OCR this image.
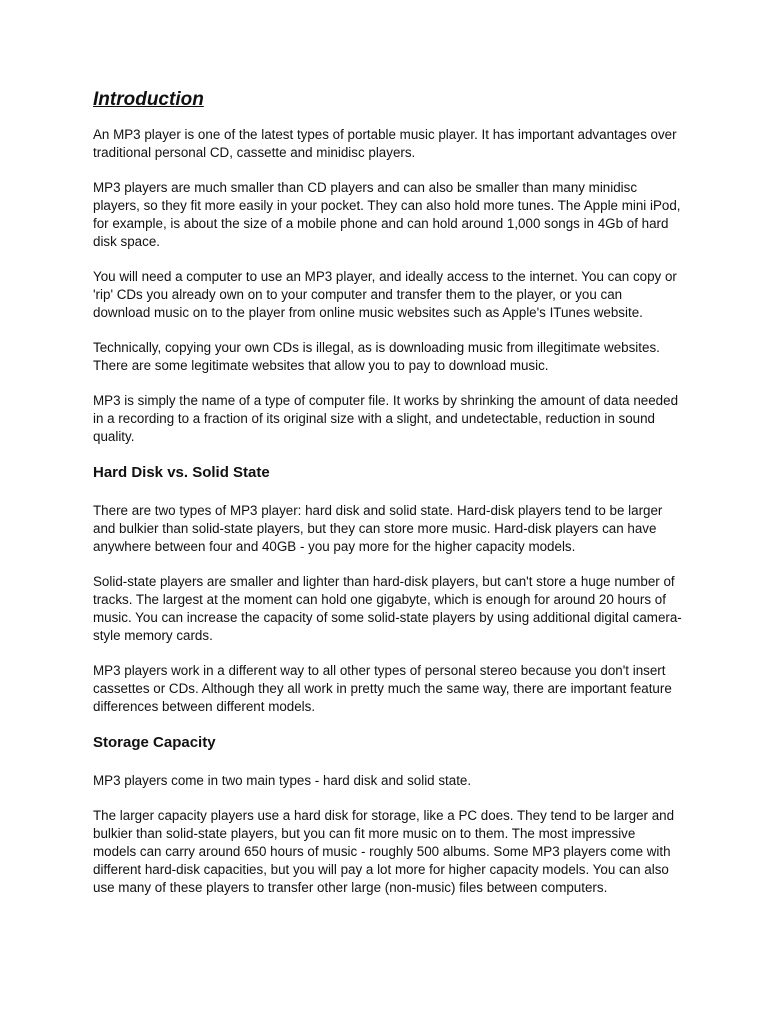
Introduction

An MP3 player is one of the latest types of portable music player. It has important advantages over traditional personal CD, cassette and minidisc players.

MP3 players are much smaller than CD players and can also be smaller than many minidisc players, so they fit more easily in your pocket. They can also hold more tunes. The Apple mini iPod, for example, is about the size of a mobile phone and can hold around 1,000 songs in 4Gb of hard disk space.

You will need a computer to use an MP3 player, and ideally access to the internet. You can copy or 'rip' CDs you already own on to your computer and transfer them to the player, or you can download music on to the player from online music websites such as Apple's ITunes website.

Technically, copying your own CDs is illegal, as is downloading music from illegitimate websites. There are some legitimate websites that allow you to pay to download music.

MP3 is simply the name of a type of computer file. It works by shrinking the amount of data needed in a recording to a fraction of its original size with a slight, and undetectable, reduction in sound quality.

Hard Disk vs. Solid State

There are two types of MP3 player: hard disk and solid state. Hard-disk players tend to be larger and bulkier than solid-state players, but they can store more music. Hard-disk players can have anywhere between four and 40GB - you pay more for the higher capacity models.

Solid-state players are smaller and lighter than hard-disk players, but can't store a huge number of tracks. The largest at the moment can hold one gigabyte, which is enough for around 20 hours of music. You can increase the capacity of some solid-state players by using additional digital camera-style memory cards.

MP3 players work in a different way to all other types of personal stereo because you don't insert cassettes or CDs. Although they all work in pretty much the same way, there are important feature differences between different models.

Storage Capacity

MP3 players come in two main types - hard disk and solid state.

The larger capacity players use a hard disk for storage, like a PC does. They tend to be larger and bulkier than solid-state players, but you can fit more music on to them. The most impressive models can carry around 650 hours of music - roughly 500 albums. Some MP3 players come with different hard-disk capacities, but you will pay a lot more for higher capacity models. You can also use many of these players to transfer other large (non-music) files between computers.
